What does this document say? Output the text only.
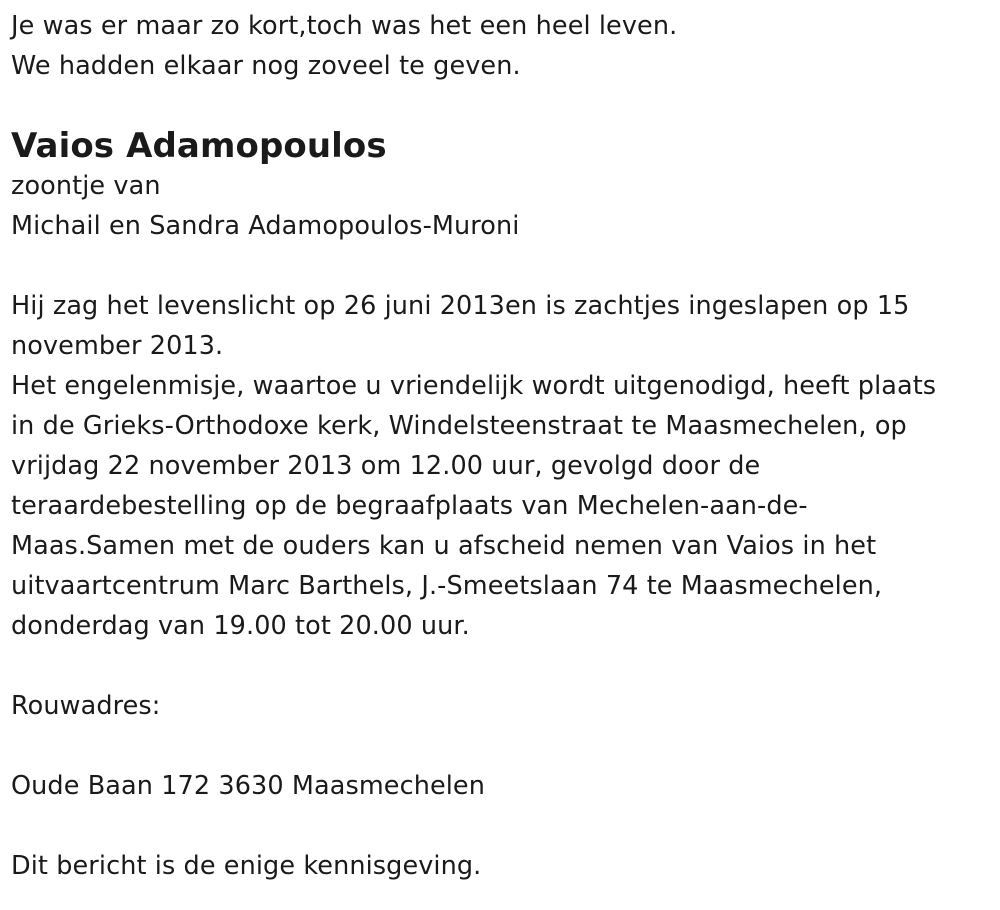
Je was er maar zo kort,toch was het een heel leven.
We hadden elkaar nog zoveel te geven.
Vaios Adamopoulos
zoontje van
Michail en Sandra Adamopoulos-Muroni
Hij zag het levenslicht op 26 juni 2013en is zachtjes ingeslapen op 15
november 2013.
Het engelenmisje, waartoe u vriendelijk wordt uitgenodigd, heeft plaats
in de Grieks-Orthodoxe kerk, Windelsteenstraat te Maasmechelen, op
vrijdag 22 november 2013 om 12.00 uur, gevolgd door de
teraardebestelling op de begraafplaats van Mechelen-aan-de-
Maas.Samen met de ouders kan u afscheid nemen van Vaios in het
uitvaartcentrum Marc Barthels, J.-Smeetslaan 74 te Maasmechelen,
donderdag van 19.00 tot 20.00 uur.
Rouwadres:
Oude Baan 172 3630 Maasmechelen
Dit bericht is de enige kennisgeving.
